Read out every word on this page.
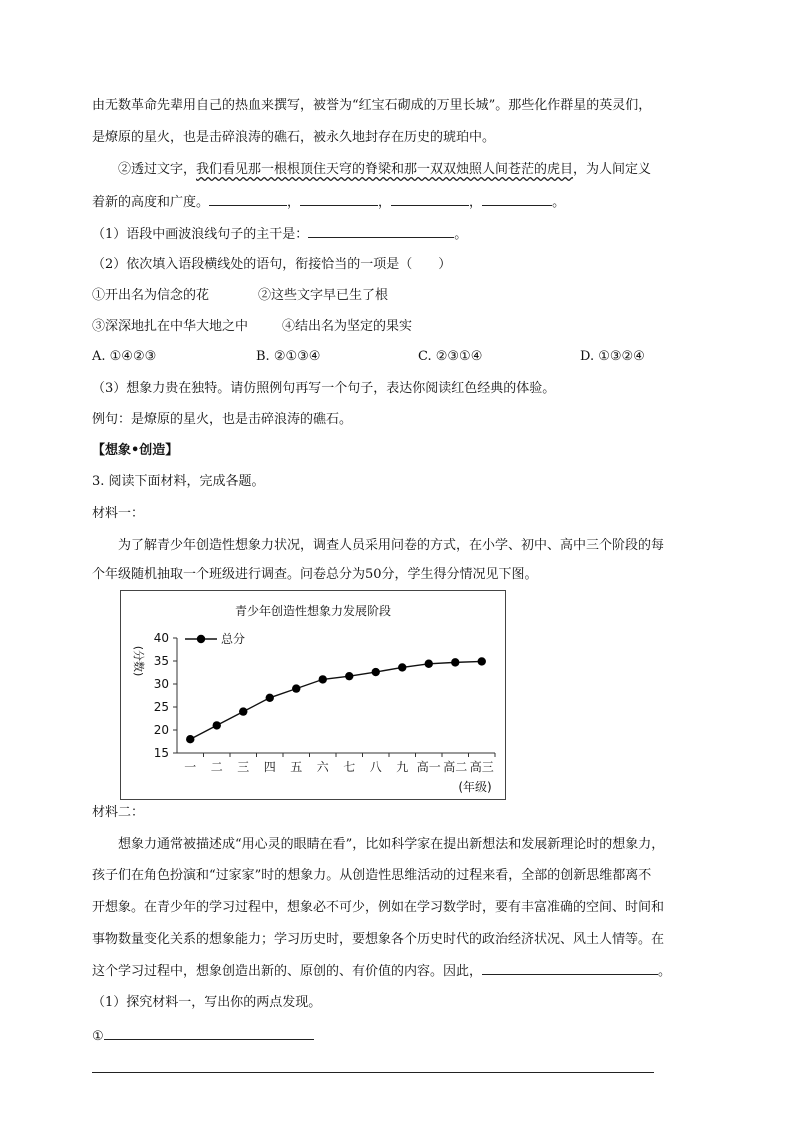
由无数革命先辈用自己的热血来撰写，被誉为“红宝石砌成的万里长城”。那些化作群星的英灵们，
是燎原的星火，也是击碎浪涛的礁石，被永久地封存在历史的琥珀中。
②透过文字，我们看见那一根根顶住天穹的脊梁和那一双双烛照人间苍茫的虎目，为人间定义
着新的高度和广度。	，	，	，	。
（1）语段中画波浪线句子的主干是：	。
（2）依次填入语段横线处的语句，衔接恰当的一项是（　　）
①开出名为信念的花	②这些文字早已生了根
③深深地扎在中华大地之中	④结出名为坚定的果实
A. ①④②③	B. ②①③④	C. ②③①④	D. ①③②④
（3）想象力贵在独特。请仿照例句再写一个句子，表达你阅读红色经典的体验。
例句：是燎原的星火，也是击碎浪涛的礁石。
【想象•创造】
3. 阅读下面材料，完成各题。
材料一：
为了解青少年创造性想象力状况，调查人员采用问卷的方式，在小学、初中、高中三个阶段的每
个年级随机抽取一个班级进行调查。问卷总分为50分，学生得分情况见下图。
青少年创造性想象力发展阶段
15
20
25
30
35
40
(分数)
一 二 三 四 五 六 七 八 九 高一 高二 高三
(年级)
总分
材料二：
想象力通常被描述成“用心灵的眼睛在看”，比如科学家在提出新想法和发展新理论时的想象力，
孩子们在角色扮演和“过家家”时的想象力。从创造性思维活动的过程来看，全部的创新思维都离不
开想象。在青少年的学习过程中，想象必不可少，例如在学习数学时，要有丰富准确的空间、时间和
事物数量变化关系的想象能力；学习历史时，要想象各个历史时代的政治经济状况、风土人情等。在
这个学习过程中，想象创造出新的、原创的、有价值的内容。因此，	。
（1）探究材料一，写出你的两点发现。
①
